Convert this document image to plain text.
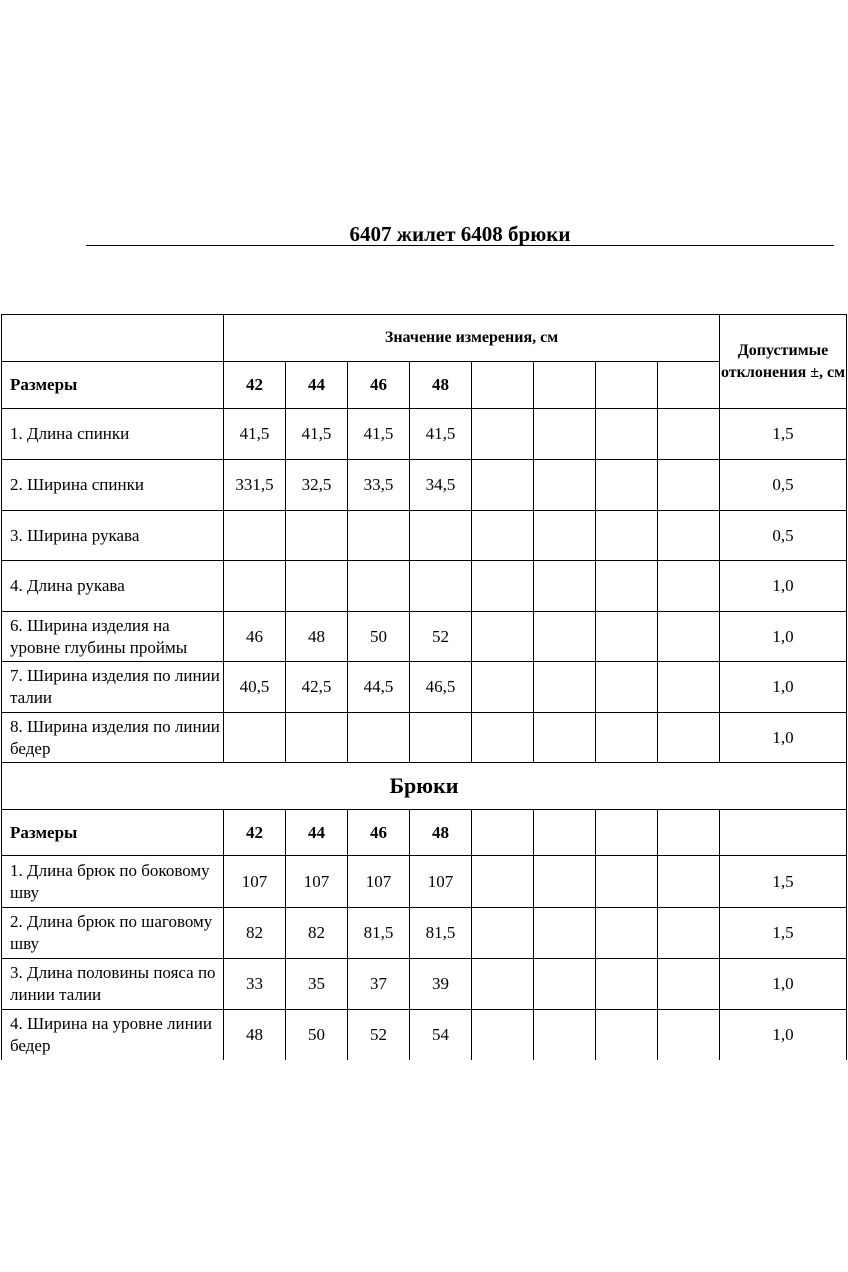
6407 жилет 6408 брюки
	Значение измерения, см								Допустимые отклонения ±, см
Размеры	42	44	46	48					
1. Длина спинки	41,5	41,5	41,5	41,5					1,5
2. Ширина спинки	331,5	32,5	33,5	34,5					0,5
3. Ширина рукава									0,5
4. Длина рукава									1,0
6. Ширина изделия на уровне глубины проймы	46	48	50	52					1,0
7. Ширина изделия по линии талии	40,5	42,5	44,5	46,5					1,0
8. Ширина изделия по линии бедер									1,0
Брюки									
Размеры	42	44	46	48					
1. Длина брюк по боковому шву	107	107	107	107					1,5
2. Длина брюк по шаговому шву	82	82	81,5	81,5					1,5
3. Длина половины пояса по линии талии	33	35	37	39					1,0
4. Ширина на уровне линии бедер	48	50	52	54					1,0
